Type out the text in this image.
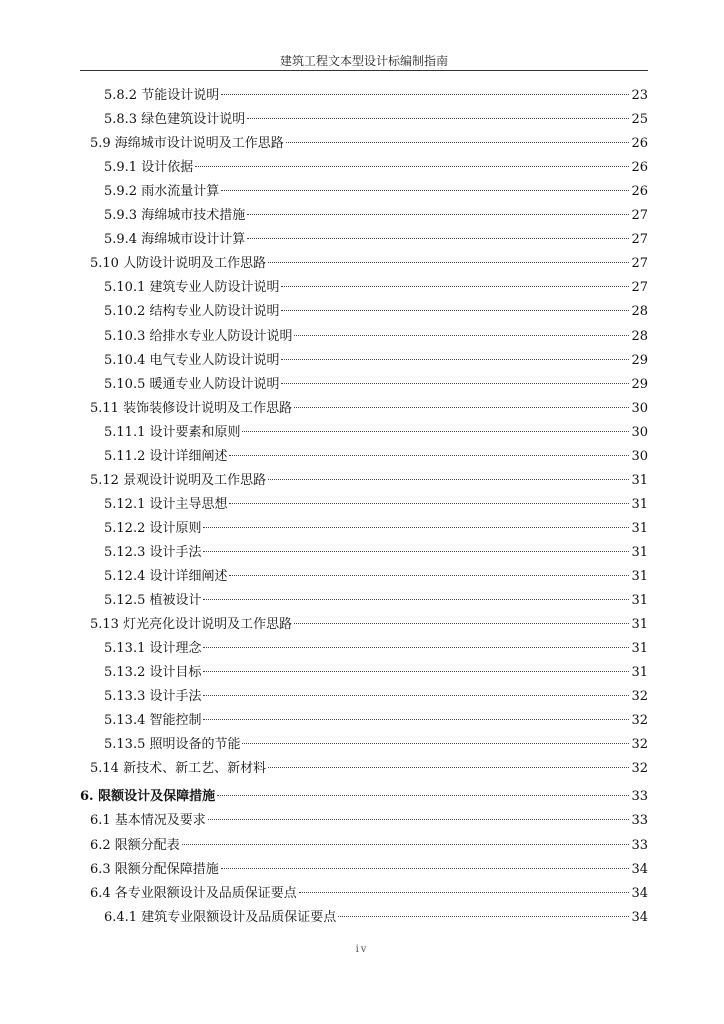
建筑工程文本型设计标编制指南
5.8.2 节能设计说明	23
5.8.3 绿色建筑设计说明	25
5.9 海绵城市设计说明及工作思路	26
5.9.1 设计依据	26
5.9.2 雨水流量计算	26
5.9.3 海绵城市技术措施	27
5.9.4 海绵城市设计计算	27
5.10 人防设计说明及工作思路	27
5.10.1 建筑专业人防设计说明	27
5.10.2 结构专业人防设计说明	28
5.10.3 给排水专业人防设计说明	28
5.10.4 电气专业人防设计说明	29
5.10.5 暖通专业人防设计说明	29
5.11 装饰装修设计说明及工作思路	30
5.11.1 设计要素和原则	30
5.11.2 设计详细阐述	30
5.12 景观设计说明及工作思路	31
5.12.1 设计主导思想	31
5.12.2 设计原则	31
5.12.3 设计手法	31
5.12.4 设计详细阐述	31
5.12.5 植被设计	31
5.13 灯光亮化设计说明及工作思路	31
5.13.1 设计理念	31
5.13.2 设计目标	31
5.13.3 设计手法	32
5.13.4 智能控制	32
5.13.5 照明设备的节能	32
5.14 新技术、新工艺、新材料	32
6. 限额设计及保障措施	33
6.1 基本情况及要求	33
6.2 限额分配表	33
6.3 限额分配保障措施	34
6.4 各专业限额设计及品质保证要点	34
6.4.1 建筑专业限额设计及品质保证要点	34
iv
